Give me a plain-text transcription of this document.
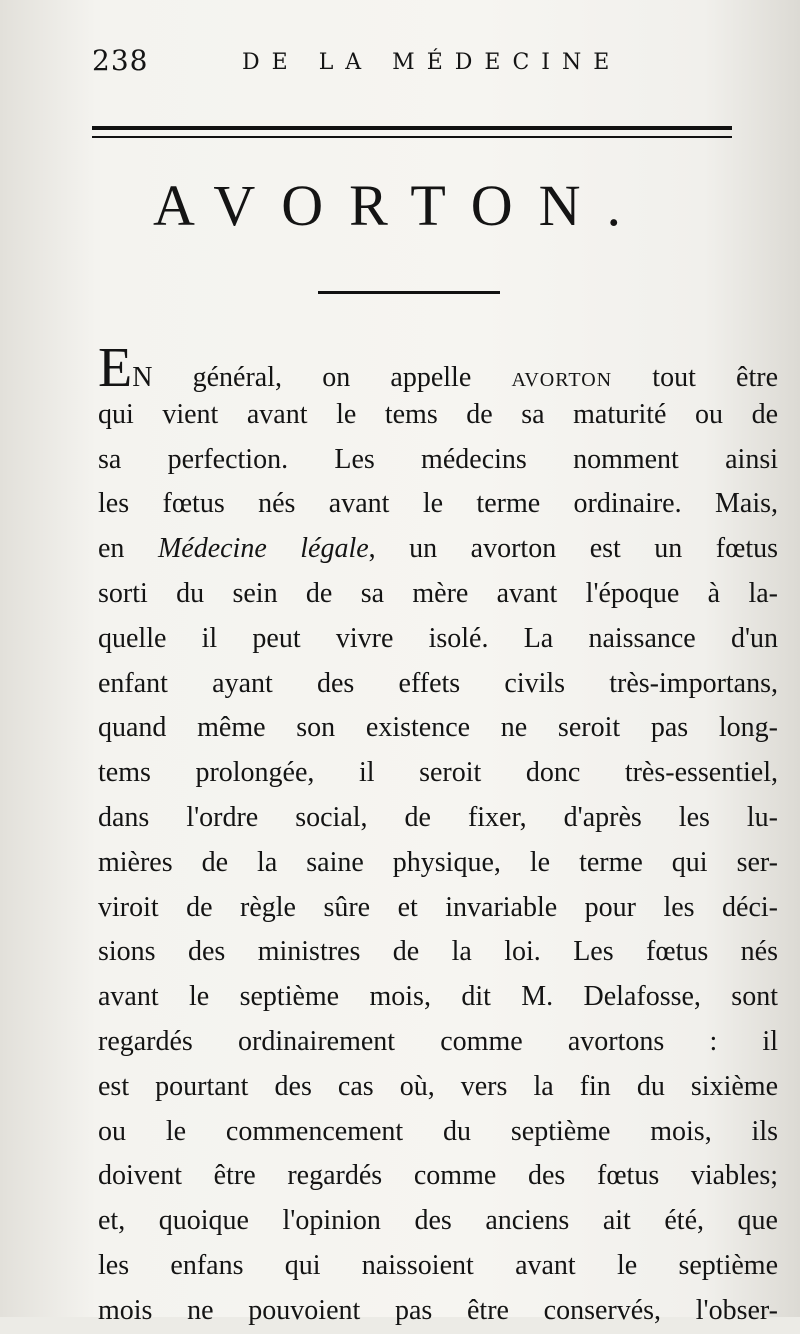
238	DE LA MÉDECINE
AVORTON.
EN général, on appelle avorton tout être
qui vient avant le tems de sa maturité ou de
sa perfection. Les médecins nomment ainsi
les fœtus nés avant le terme ordinaire. Mais,
en Médecine légale, un avorton est un fœtus
sorti du sein de sa mère avant l'époque à la-
quelle il peut vivre isolé. La naissance d'un
enfant ayant des effets civils très-importans,
quand même son existence ne seroit pas long-
tems prolongée, il seroit donc très-essentiel,
dans l'ordre social, de fixer, d'après les lu-
mières de la saine physique, le terme qui ser-
viroit de règle sûre et invariable pour les déci-
sions des ministres de la loi. Les fœtus nés
avant le septième mois, dit M. Delafosse, sont
regardés ordinairement comme avortons : il
est pourtant des cas où, vers la fin du sixième
ou le commencement du septième mois, ils
doivent être regardés comme des fœtus viables;
et, quoique l'opinion des anciens ait été, que
les enfans qui naissoient avant le septième
mois ne pouvoient pas être conservés, l'obser-
